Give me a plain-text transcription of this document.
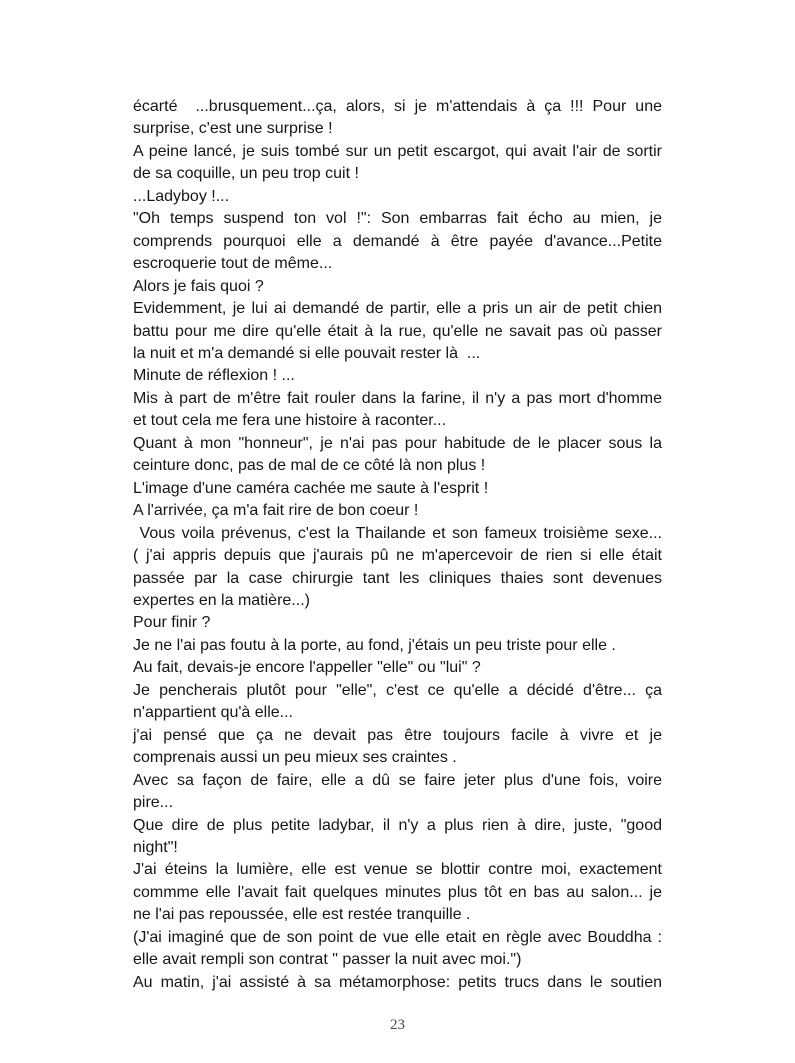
écarté  ...brusquement...ça, alors, si je m'attendais à ça !!! Pour une
surprise, c'est une surprise !
A peine lancé, je suis tombé sur un petit escargot, qui avait l'air de sortir
de sa coquille, un peu trop cuit !
...Ladyboy !...
"Oh temps suspend ton vol !": Son embarras fait écho au mien, je
comprends pourquoi elle a demandé à être payée d'avance...Petite
escroquerie tout de même...
Alors je fais quoi ?
Evidemment, je lui ai demandé de partir, elle a pris un air de petit chien
battu pour me dire qu'elle était à la rue, qu'elle ne savait pas où passer
la nuit et m'a demandé si elle pouvait rester là  ...
Minute de réflexion ! ...
Mis à part de m'être fait rouler dans la farine, il n'y a pas mort d'homme
et tout cela me fera une histoire à raconter...
Quant à mon "honneur", je n'ai pas pour habitude de le placer sous la
ceinture donc, pas de mal de ce côté là non plus !
L'image d'une caméra cachée me saute à l'esprit !
A l'arrivée, ça m'a fait rire de bon coeur !
Vous voila prévenus, c'est la Thailande et son fameux troisième sexe...
( j'ai appris depuis que j'aurais pû ne m'apercevoir de rien si elle était
passée par la case chirurgie tant les cliniques thaies sont devenues
expertes en la matière...)
Pour finir ?
Je ne l'ai pas foutu à la porte, au fond, j'étais un peu triste pour elle .
Au fait, devais-je encore l'appeller "elle" ou "lui" ?
Je pencherais plutôt pour "elle", c'est ce qu'elle a décidé d'être... ça
n'appartient qu'à elle...
j'ai pensé que ça ne devait pas être toujours facile à vivre et je
comprenais aussi un peu mieux ses craintes .
Avec sa façon de faire, elle a dû se faire jeter plus d'une fois, voire
pire...
Que dire de plus petite ladybar, il n'y a plus rien à dire, juste, "good
night"!
J'ai éteins la lumière, elle est venue se blottir contre moi, exactement
commme elle l'avait fait quelques minutes plus tôt en bas au salon... je
ne l'ai pas repoussée, elle est restée tranquille .
(J'ai imaginé que de son point de vue elle etait en règle avec Bouddha :
elle avait rempli son contrat " passer la nuit avec moi.")
Au matin, j'ai assisté à sa métamorphose: petits trucs dans le soutien
23
